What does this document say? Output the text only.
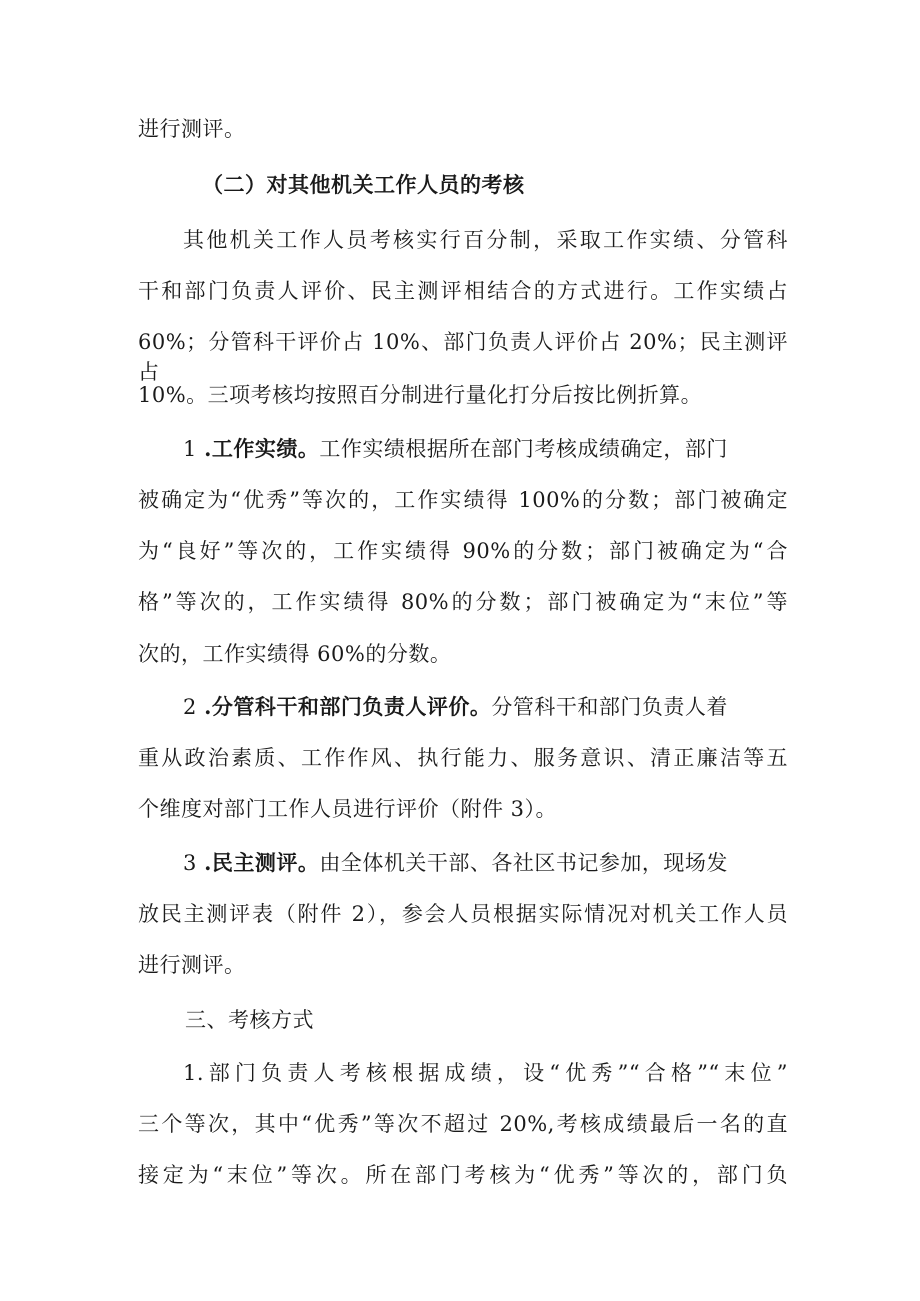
进行测评。
（二）对其他机关工作人员的考核
其他机关工作人员考核实行百分制，采取工作实绩、分管科
干和部门负责人评价、民主测评相结合的方式进行。工作实绩占
60%；分管科干评价占 10%、部门负责人评价占 20%；民主测评占
10%。三项考核均按照百分制进行量化打分后按比例折算。
1 .工作实绩。工作实绩根据所在部门考核成绩确定，部门
被确定为“优秀”等次的，工作实绩得 100%的分数；部门被确定
为“良好”等次的，工作实绩得 90%的分数；部门被确定为“合
格”等次的，工作实绩得 80%的分数；部门被确定为“末位”等
次的，工作实绩得 60%的分数。
2 .分管科干和部门负责人评价。分管科干和部门负责人着
重从政治素质、工作作风、执行能力、服务意识、清正廉洁等五
个维度对部门工作人员进行评价（附件 3）。
3 .民主测评。由全体机关干部、各社区书记参加，现场发
放民主测评表（附件 2），参会人员根据实际情况对机关工作人员
进行测评。
三、考核方式
1.部门负责人考核根据成绩，设“优秀”“合格”“末位”
三个等次，其中“优秀”等次不超过 20%,考核成绩最后一名的直
接定为“末位”等次。所在部门考核为“优秀”等次的，部门负
